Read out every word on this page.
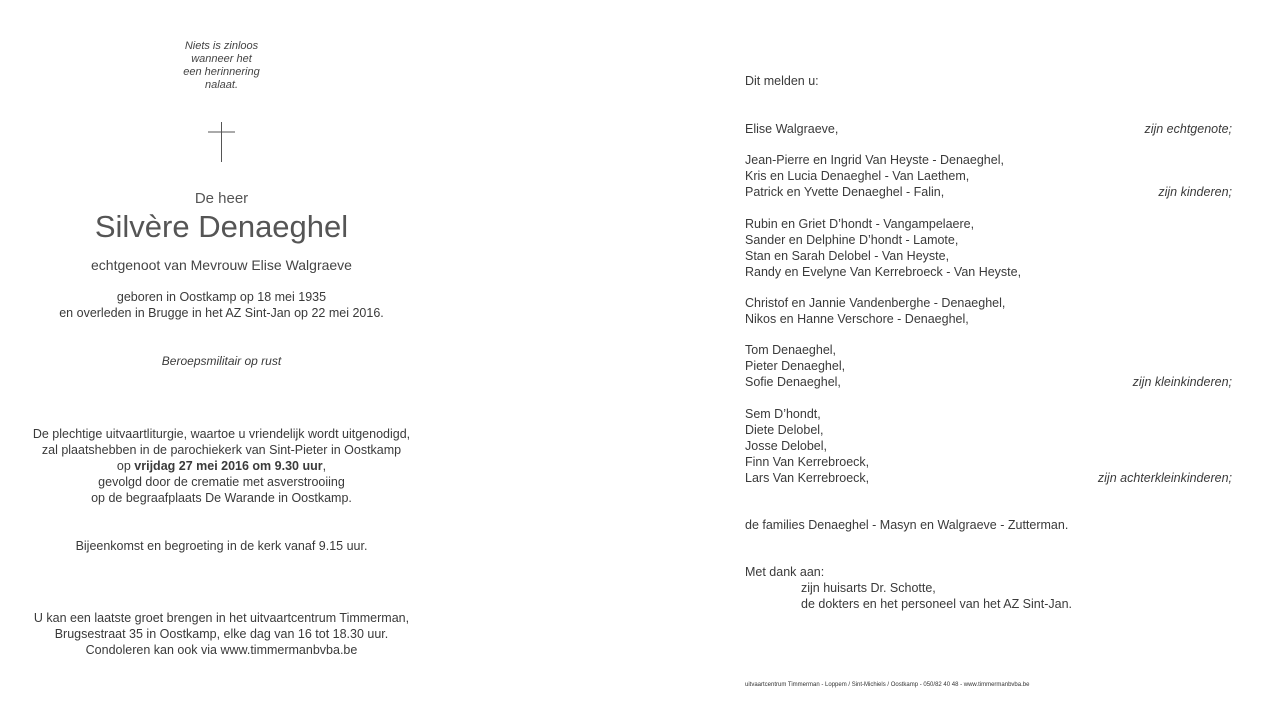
Niets is zinloos
wanneer het
een herinnering
nalaat.
De heer
Silvère Denaeghel
echtgenoot van Mevrouw Elise Walgraeve
geboren in Oostkamp op 18 mei 1935
en overleden in Brugge in het AZ Sint-Jan op 22 mei 2016.
Beroepsmilitair op rust
De plechtige uitvaartliturgie, waartoe u vriendelijk wordt uitgenodigd,
zal plaatshebben in de parochiekerk van Sint-Pieter in Oostkamp
op vrijdag 27 mei 2016 om 9.30 uur,
gevolgd door de crematie met asverstrooiing
op de begraafplaats De Warande in Oostkamp.
Bijeenkomst en begroeting in de kerk vanaf 9.15 uur.
U kan een laatste groet brengen in het uitvaartcentrum Timmerman,
Brugsestraat 35 in Oostkamp, elke dag van 16 tot 18.30 uur.
Condoleren kan ook via www.timmermanbvba.be
Dit melden u:
Elise Walgraeve,	zijn echtgenote;
Jean-Pierre en Ingrid Van Heyste - Denaeghel,
Kris en Lucia Denaeghel - Van Laethem,
Patrick en Yvette Denaeghel - Falin,	zijn kinderen;
Rubin en Griet D’hondt - Vangampelaere,
Sander en Delphine D’hondt - Lamote,
Stan en Sarah Delobel - Van Heyste,
Randy en Evelyne Van Kerrebroeck - Van Heyste,
Christof en Jannie Vandenberghe - Denaeghel,
Nikos en Hanne Verschore - Denaeghel,
Tom Denaeghel,
Pieter Denaeghel,
Sofie Denaeghel,	zijn kleinkinderen;
Sem D’hondt,
Diete Delobel,
Josse Delobel,
Finn Van Kerrebroeck,
Lars Van Kerrebroeck,	zijn achterkleinkinderen;
de families Denaeghel - Masyn en Walgraeve - Zutterman.
Met dank aan:
zijn huisarts Dr. Schotte,
de dokters en het personeel van het AZ Sint-Jan.
uitvaartcentrum Timmerman - Loppem / Sint-Michiels / Oostkamp - 050/82 40 48 - www.timmermanbvba.be
